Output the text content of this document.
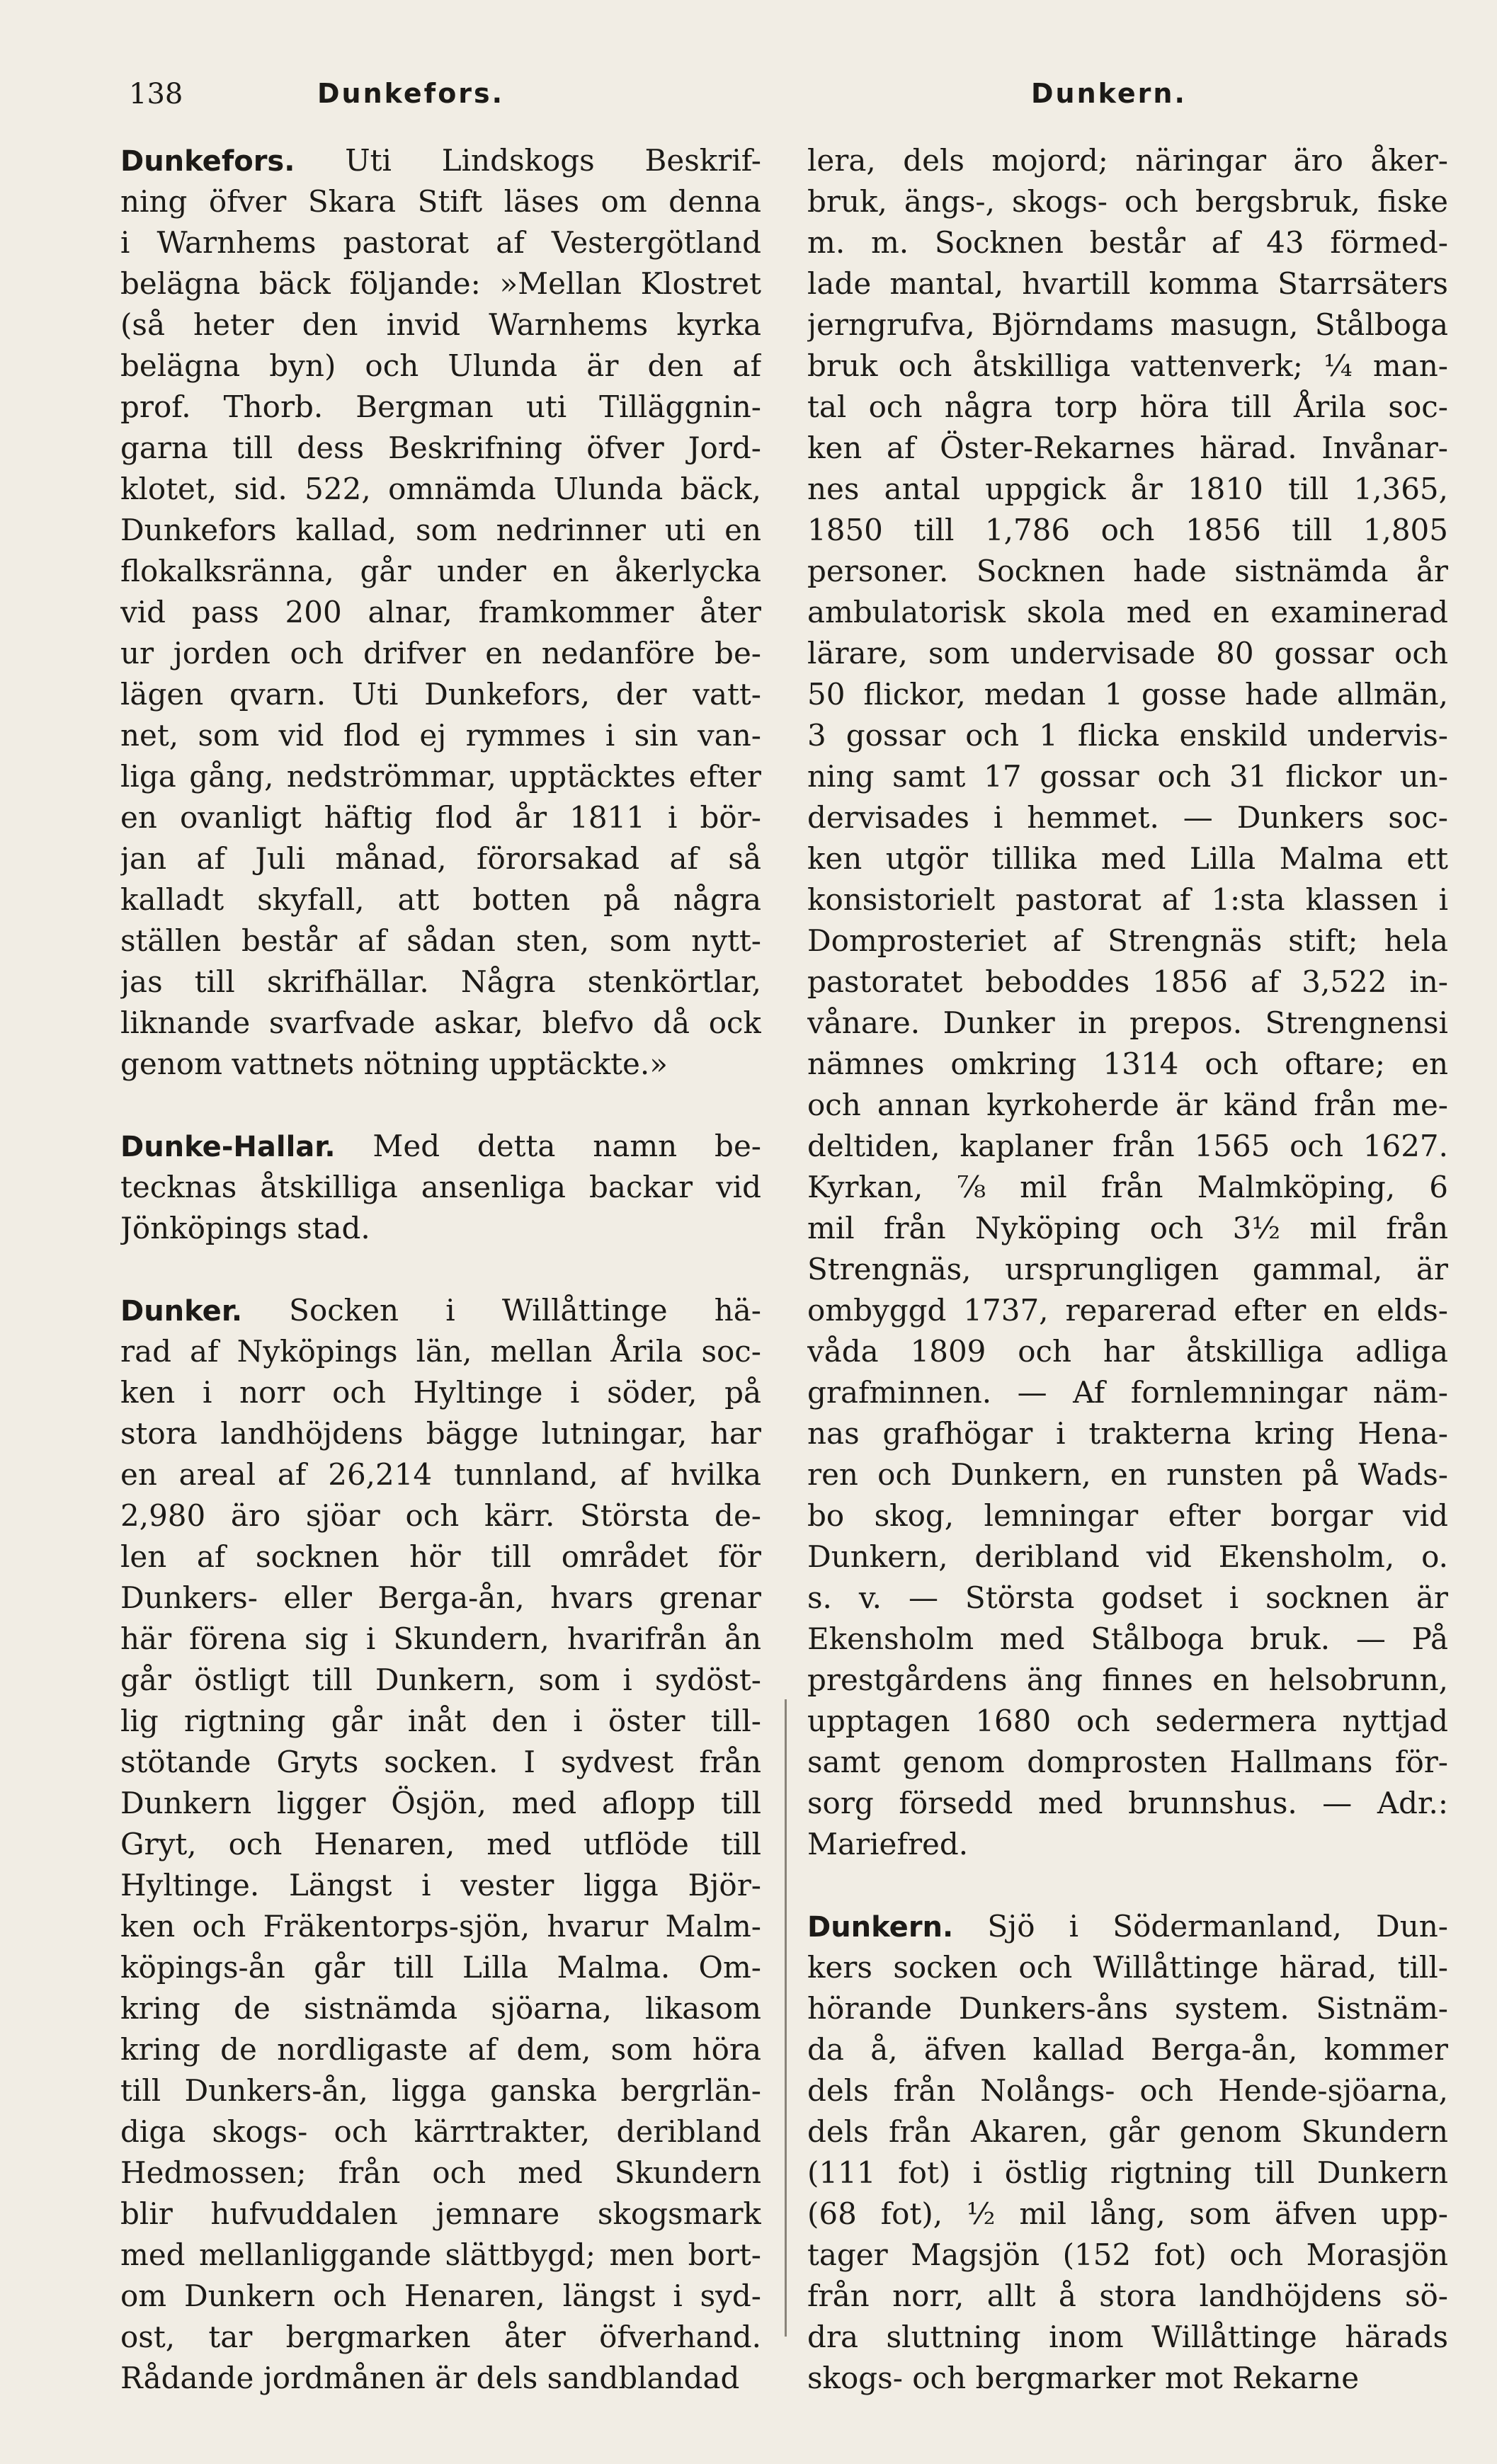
138	Dunkefors.	Dunkern.
Dunkefors. Uti Lindskogs Beskrif-
ning öfver Skara Stift läses om denna
i Warnhems pastorat af Vestergötland
belägna bäck följande: »Mellan Klostret
(så heter den invid Warnhems kyrka
belägna byn) och Ulunda är den af
prof. Thorb. Bergman uti Tilläggnin-
garna till dess Beskrifning öfver Jord-
klotet, sid. 522, omnämda Ulunda bäck,
Dunkefors kallad, som nedrinner uti en
flokalksränna, går under en åkerlycka
vid pass 200 alnar, framkommer åter
ur jorden och drifver en nedanföre be-
lägen qvarn. Uti Dunkefors, der vatt-
net, som vid flod ej rymmes i sin van-
liga gång, nedströmmar, upptäcktes efter
en ovanligt häftig flod år 1811 i bör-
jan af Juli månad, förorsakad af så
kalladt skyfall, att botten på några
ställen består af sådan sten, som nytt-
jas till skrifhällar. Några stenkörtlar,
liknande svarfvade askar, blefvo då ock
genom vattnets nötning upptäckte.»
Dunke-Hallar. Med detta namn be-
tecknas åtskilliga ansenliga backar vid
Jönköpings stad.
Dunker. Socken i Willåttinge hä-
rad af Nyköpings län, mellan Årila soc-
ken i norr och Hyltinge i söder, på
stora landhöjdens bägge lutningar, har
en areal af 26,214 tunnland, af hvilka
2,980 äro sjöar och kärr. Största de-
len af socknen hör till området för
Dunkers- eller Berga-ån, hvars grenar
här förena sig i Skundern, hvarifrån ån
går östligt till Dunkern, som i sydöst-
lig rigtning går inåt den i öster till-
stötande Gryts socken. I sydvest från
Dunkern ligger Ösjön, med aflopp till
Gryt, och Henaren, med utflöde till
Hyltinge. Längst i vester ligga Björ-
ken och Fräkentorps-sjön, hvarur Malm-
köpings-ån går till Lilla Malma. Om-
kring de sistnämda sjöarna, likasom
kring de nordligaste af dem, som höra
till Dunkers-ån, ligga ganska bergrlän-
diga skogs- och kärrtrakter, deribland
Hedmossen; från och med Skundern
blir hufvuddalen jemnare skogsmark
med mellanliggande slättbygd; men bort-
om Dunkern och Henaren, längst i syd-
ost, tar bergmarken åter öfverhand.
Rådande jordmånen är dels sandblandad
lera, dels mojord; näringar äro åker-
bruk, ängs-, skogs- och bergsbruk, fiske
m. m. Socknen består af 43 förmed-
lade mantal, hvartill komma Starrsäters
jerngrufva, Björndams masugn, Stålboga
bruk och åtskilliga vattenverk; ¼ man-
tal och några torp höra till Årila soc-
ken af Öster-Rekarnes härad. Invånar-
nes antal uppgick år 1810 till 1,365,
1850 till 1,786 och 1856 till 1,805
personer. Socknen hade sistnämda år
ambulatorisk skola med en examinerad
lärare, som undervisade 80 gossar och
50 flickor, medan 1 gosse hade allmän,
3 gossar och 1 flicka enskild undervis-
ning samt 17 gossar och 31 flickor un-
dervisades i hemmet. — Dunkers soc-
ken utgör tillika med Lilla Malma ett
konsistorielt pastorat af 1:sta klassen i
Domprosteriet af Strengnäs stift; hela
pastoratet beboddes 1856 af 3,522 in-
vånare. Dunker in prepos. Strengnensi
nämnes omkring 1314 och oftare; en
och annan kyrkoherde är känd från me-
deltiden, kaplaner från 1565 och 1627.
Kyrkan, ⅞ mil från Malmköping, 6
mil från Nyköping och 3½ mil från
Strengnäs, ursprungligen gammal, är
ombyggd 1737, reparerad efter en elds-
våda 1809 och har åtskilliga adliga
grafminnen. — Af fornlemningar näm-
nas grafhögar i trakterna kring Hena-
ren och Dunkern, en runsten på Wads-
bo skog, lemningar efter borgar vid
Dunkern, deribland vid Ekensholm, o.
s. v. — Största godset i socknen är
Ekensholm med Stålboga bruk. — På
prestgårdens äng finnes en helsobrunn,
upptagen 1680 och sedermera nyttjad
samt genom domprosten Hallmans för-
sorg försedd med brunnshus. — Adr.:
Mariefred.
Dunkern. Sjö i Södermanland, Dun-
kers socken och Willåttinge härad, till-
hörande Dunkers-åns system. Sistnäm-
da å, äfven kallad Berga-ån, kommer
dels från Nolångs- och Hende-sjöarna,
dels från Akaren, går genom Skundern
(111 fot) i östlig rigtning till Dunkern
(68 fot), ½ mil lång, som äfven upp-
tager Magsjön (152 fot) och Morasjön
från norr, allt å stora landhöjdens sö-
dra sluttning inom Willåttinge härads
skogs- och bergmarker mot Rekarne
